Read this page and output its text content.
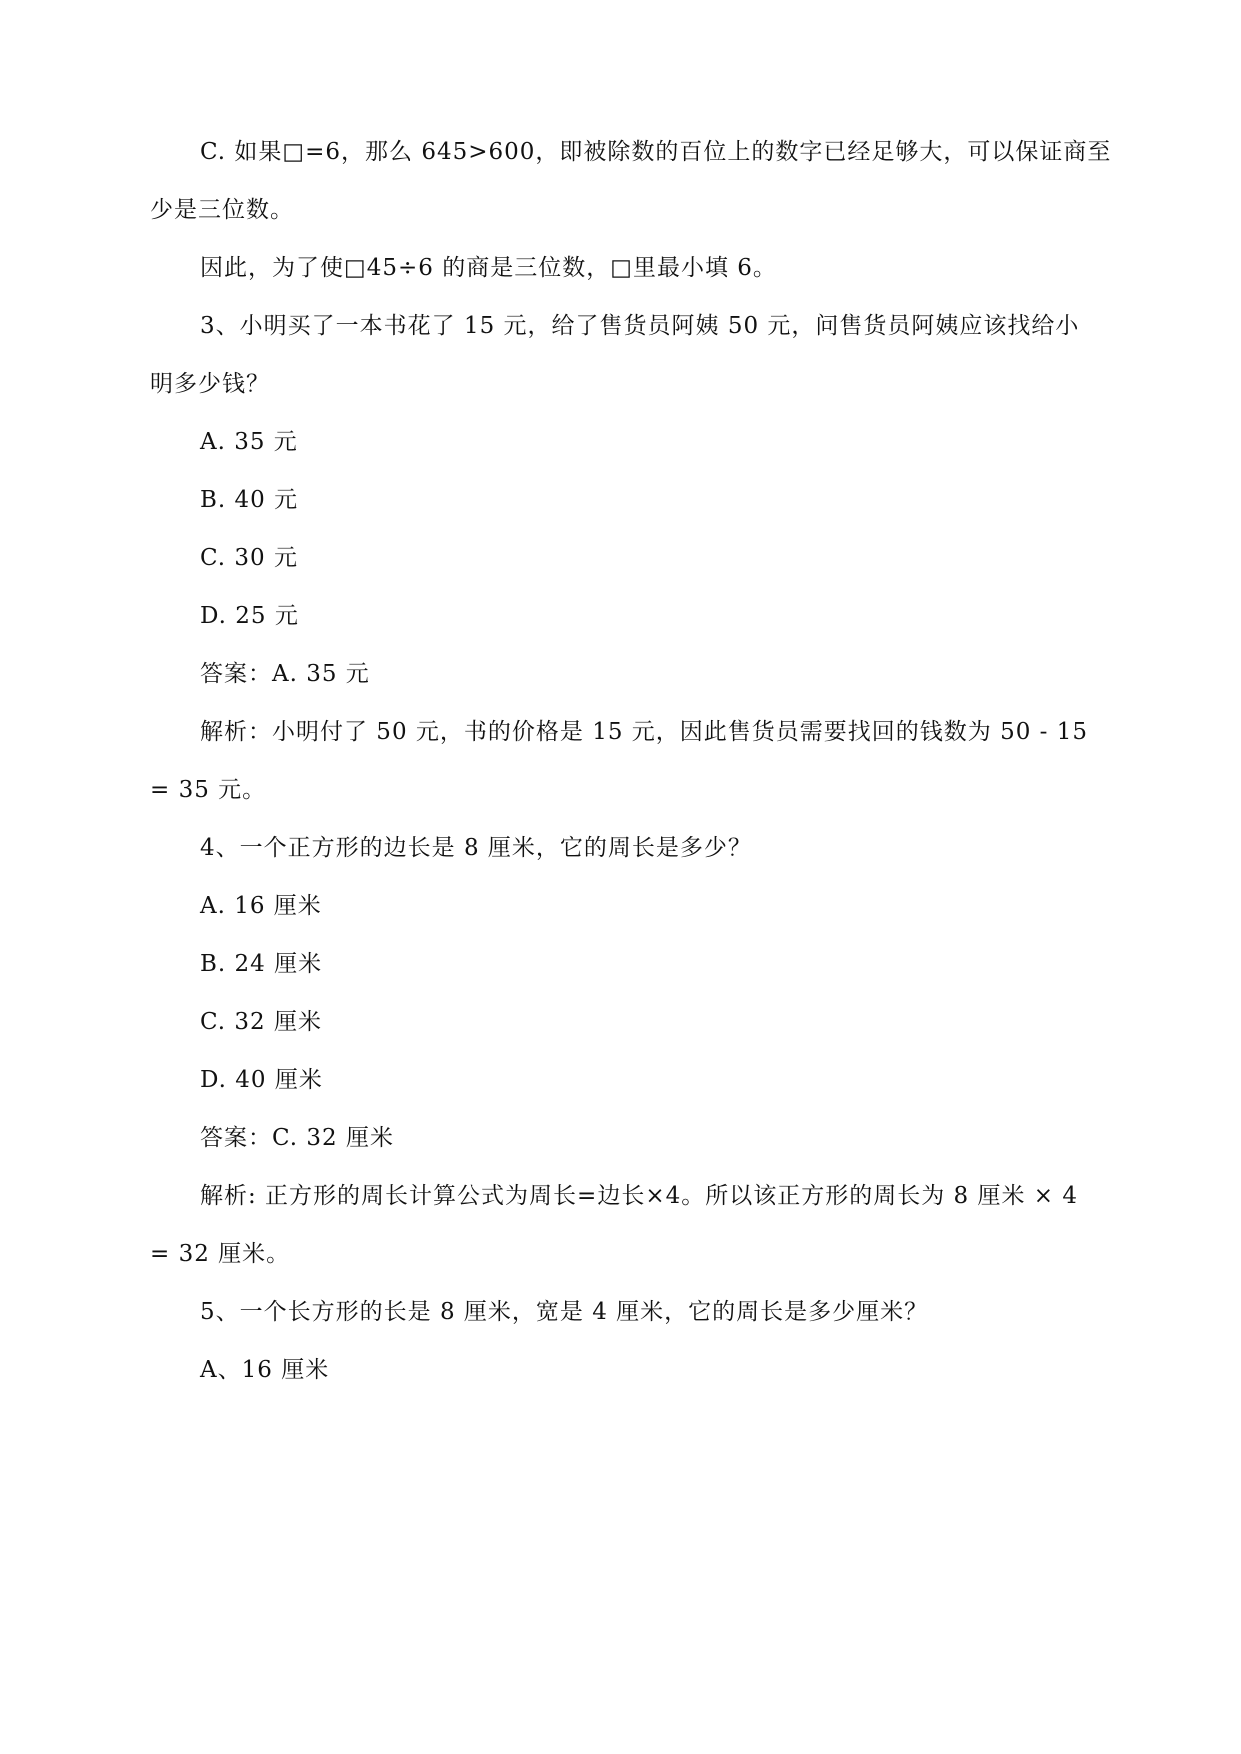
C. 如果□=6，那么 645>600，即被除数的百位上的数字已经足够大，可以保证商至
少是三位数。
因此，为了使□45÷6 的商是三位数，□里最小填 6。
3、小明买了一本书花了 15 元，给了售货员阿姨 50 元，问售货员阿姨应该找给小
明多少钱？
A. 35 元
B. 40 元
C. 30 元
D. 25 元
答案：A. 35 元
解析：小明付了 50 元，书的价格是 15 元，因此售货员需要找回的钱数为 50 - 15
= 35 元。
4、一个正方形的边长是 8 厘米，它的周长是多少？
A. 16 厘米
B. 24 厘米
C. 32 厘米
D. 40 厘米
答案：C. 32 厘米
解析: 正方形的周长计算公式为周长=边长×4。所以该正方形的周长为 8 厘米 × 4
= 32 厘米。
5、一个长方形的长是 8 厘米，宽是 4 厘米，它的周长是多少厘米？
A、16 厘米
